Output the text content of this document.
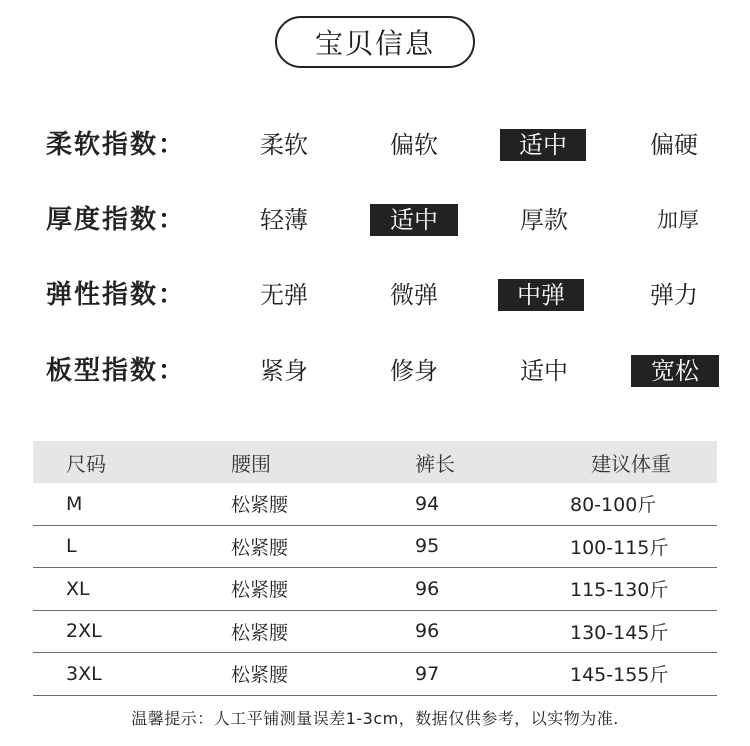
宝贝信息
柔软指数：	柔软	偏软	适中	偏硬
厚度指数：	轻薄	适中	厚款	加厚
弹性指数：	无弹	微弹	中弹	弹力
板型指数：	紧身	修身	适中	宽松
尺码	腰围	裤长	建议体重
M	松紧腰	94	80-100斤
L	松紧腰	95	100-115斤
XL	松紧腰	96	115-130斤
2XL	松紧腰	96	130-145斤
3XL	松紧腰	97	145-155斤
温馨提示：人工平铺测量误差1-3cm，数据仅供参考，以实物为准.
